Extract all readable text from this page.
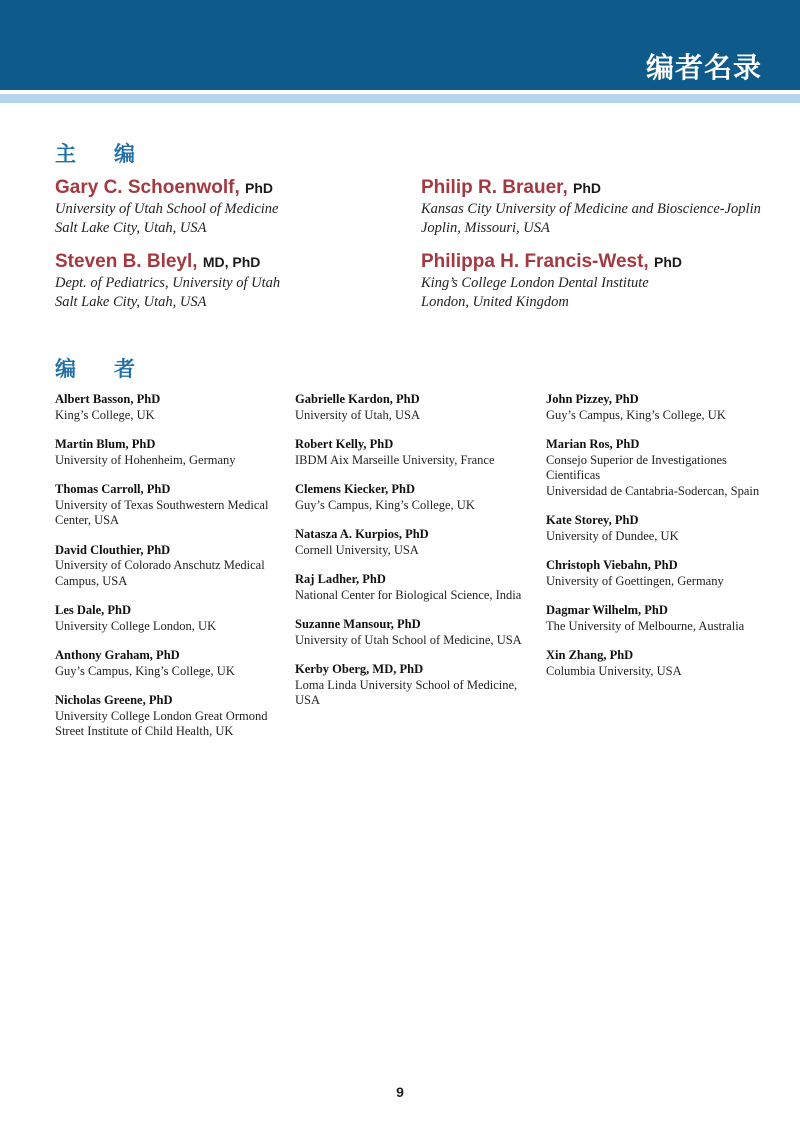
编者名录
主编
Gary C. Schoenwolf, PhD
University of Utah School of Medicine
Salt Lake City, Utah, USA
Philip R. Brauer, PhD
Kansas City University of Medicine and Bioscience-Joplin
Joplin, Missouri, USA
Steven B. Bleyl, MD, PhD
Dept. of Pediatrics, University of Utah
Salt Lake City, Utah, USA
Philippa H. Francis-West, PhD
King’s College London Dental Institute
London, United Kingdom
编者
Albert Basson, PhD
King’s College, UK
Martin Blum, PhD
University of Hohenheim, Germany
Thomas Carroll, PhD
University of Texas Southwestern Medical
Center, USA
David Clouthier, PhD
University of Colorado Anschutz Medical
Campus, USA
Les Dale, PhD
University College London, UK
Anthony Graham, PhD
Guy’s Campus, King’s College, UK
Nicholas Greene, PhD
University College London Great Ormond
Street Institute of Child Health, UK
Gabrielle Kardon, PhD
University of Utah, USA
Robert Kelly, PhD
IBDM Aix Marseille University, France
Clemens Kiecker, PhD
Guy’s Campus, King’s College, UK
Natasza A. Kurpios, PhD
Cornell University, USA
Raj Ladher, PhD
National Center for Biological Science, India
Suzanne Mansour, PhD
University of Utah School of Medicine, USA
Kerby Oberg, MD, PhD
Loma Linda University School of Medicine,
USA
John Pizzey, PhD
Guy’s Campus, King’s College, UK
Marian Ros, PhD
Consejo Superior de Investigationes
Cientificas
Universidad de Cantabria-Sodercan, Spain
Kate Storey, PhD
University of Dundee, UK
Christoph Viebahn, PhD
University of Goettingen, Germany
Dagmar Wilhelm, PhD
The University of Melbourne, Australia
Xin Zhang, PhD
Columbia University, USA
9
